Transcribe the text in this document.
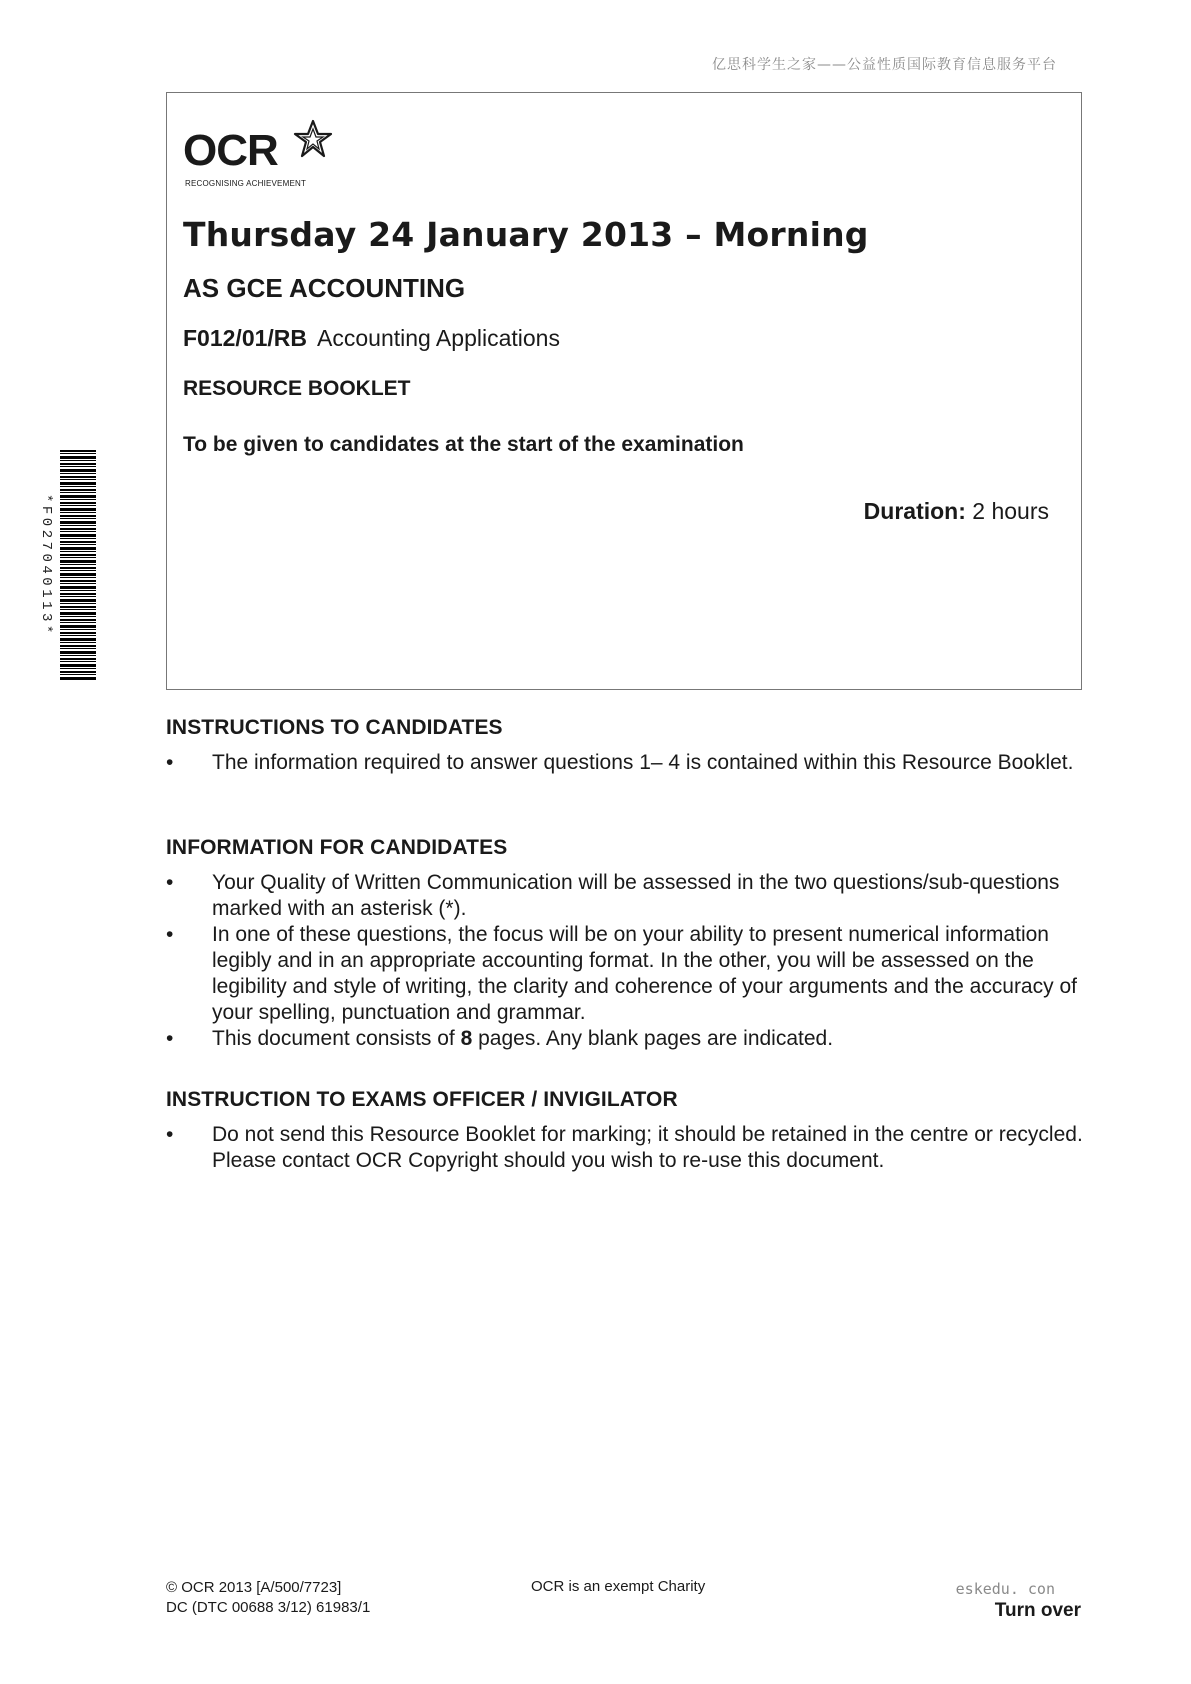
亿思科学生之家——公益性质国际教育信息服务平台
*F027040113*
OCR
RECOGNISING ACHIEVEMENT
Thursday 24 January 2013 – Morning
AS GCE ACCOUNTING
F012/01/RB Accounting Applications
RESOURCE BOOKLET
To be given to candidates at the start of the examination
Duration: 2 hours
INSTRUCTIONS TO CANDIDATES
• The information required to answer questions 1– 4 is contained within this Resource Booklet.
INFORMATION FOR CANDIDATES
• Your Quality of Written Communication will be assessed in the two questions/sub-questions marked with an asterisk (*).
• In one of these questions, the focus will be on your ability to present numerical information legibly and in an appropriate accounting format. In the other, you will be assessed on the legibility and style of writing, the clarity and coherence of your arguments and the accuracy of your spelling, punctuation and grammar.
• This document consists of 8 pages. Any blank pages are indicated.
INSTRUCTION TO EXAMS OFFICER / INVIGILATOR
• Do not send this Resource Booklet for marking; it should be retained in the centre or recycled. Please contact OCR Copyright should you wish to re-use this document.
© OCR 2013 [A/500/7723]
DC (DTC 00688 3/12) 61983/1
OCR is an exempt Charity	eskedu. con
Turn over
